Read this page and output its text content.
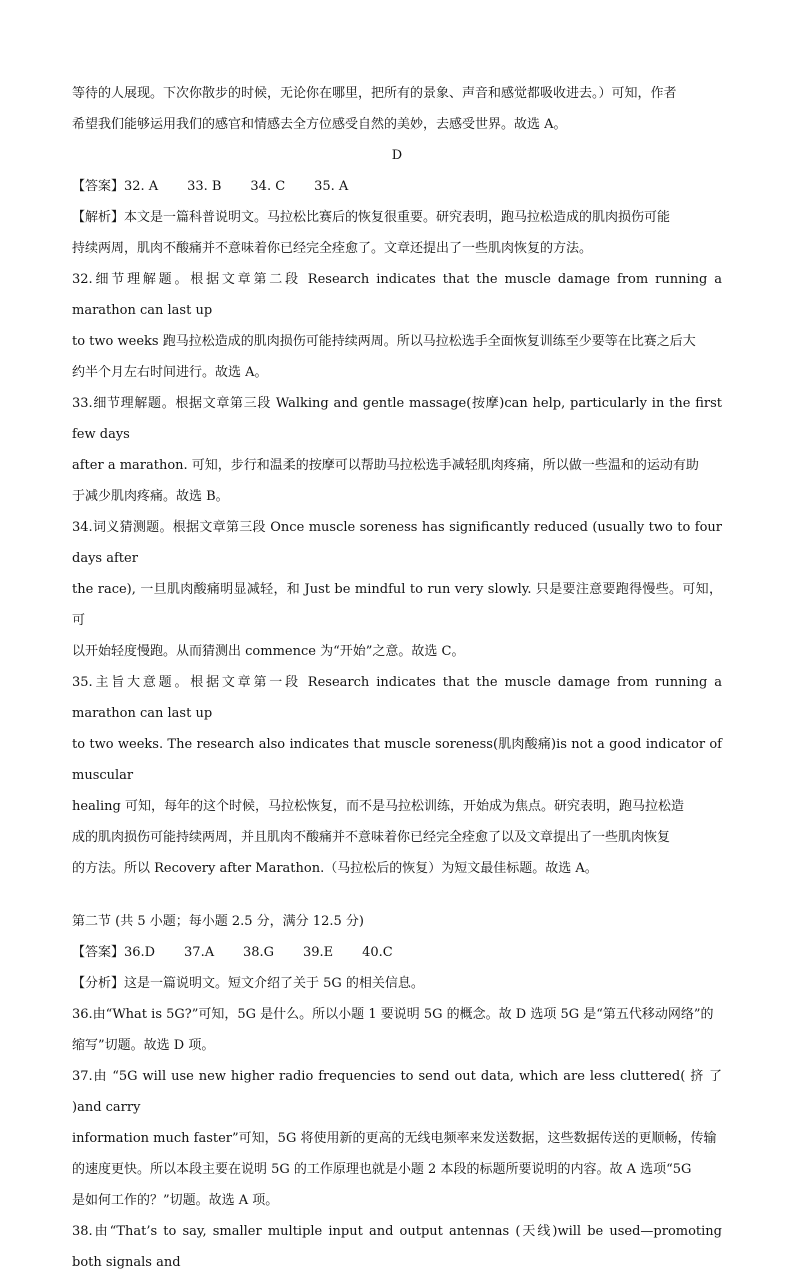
等待的人展现。下次你散步的时候，无论你在哪里，把所有的景象、声音和感觉都吸收进去。）可知，作者

希望我们能够运用我们的感官和情感去全方位感受自然的美妙，去感受世界。故选 A。

D

【答案】32. A       33. B       34. C       35. A

【解析】本文是一篇科普说明文。马拉松比赛后的恢复很重要。研究表明，跑马拉松造成的肌肉损伤可能

持续两周，肌肉不酸痛并不意味着你已经完全痊愈了。文章还提出了一些肌肉恢复的方法。

32.细节理解题。根据文章第二段 Research indicates that the muscle damage from running a marathon can last up

to two weeks 跑马拉松造成的肌肉损伤可能持续两周。所以马拉松选手全面恢复训练至少要等在比赛之后大

约半个月左右时间进行。故选 A。

33.细节理解题。根据文章第三段 Walking and gentle massage(按摩)can help, particularly in the first few days

after a marathon. 可知，步行和温柔的按摩可以帮助马拉松选手减轻肌肉疼痛，所以做一些温和的运动有助

于减少肌肉疼痛。故选 B。

34.词义猜测题。根据文章第三段 Once muscle soreness has significantly reduced (usually two to four days after

the race), 一旦肌肉酸痛明显减轻，和 Just be mindful to run very slowly. 只是要注意要跑得慢些。可知，可

以开始轻度慢跑。从而猜测出 commence 为“开始”之意。故选 C。

35.主旨大意题。根据文章第一段 Research indicates that the muscle damage from running a marathon can last up

to two weeks. The research also indicates that muscle soreness(肌肉酸痛)is not a good indicator of muscular

healing 可知，每年的这个时候，马拉松恢复，而不是马拉松训练，开始成为焦点。研究表明，跑马拉松造

成的肌肉损伤可能持续两周，并且肌肉不酸痛并不意味着你已经完全痊愈了以及文章提出了一些肌肉恢复

的方法。所以 Recovery after Marathon.（马拉松后的恢复）为短文最佳标题。故选 A。

第二节 (共 5 小题；每小题 2.5 分，满分 12.5 分)

【答案】36.D       37.A       38.G       39.E       40.C

【分析】这是一篇说明文。短文介绍了关于 5G 的相关信息。

36.由“What is 5G?”可知，5G 是什么。所以小题 1 要说明 5G 的概念。故 D 选项 5G 是“第五代移动网络”的

缩写”切题。故选 D 项。

37.由 “5G will use new higher radio frequencies to send out data, which are less cluttered( 挤 了 )and carry

information much faster”可知，5G 将使用新的更高的无线电频率来发送数据，这些数据传送的更顺畅，传输

的速度更快。所以本段主要在说明 5G 的工作原理也就是小题 2 本段的标题所要说明的内容。故 A 选项“5G

是如何工作的？”切题。故选 A 项。

38.由“That’s to say, smaller multiple input and output antennas (天线)will be used—promoting both signals and
